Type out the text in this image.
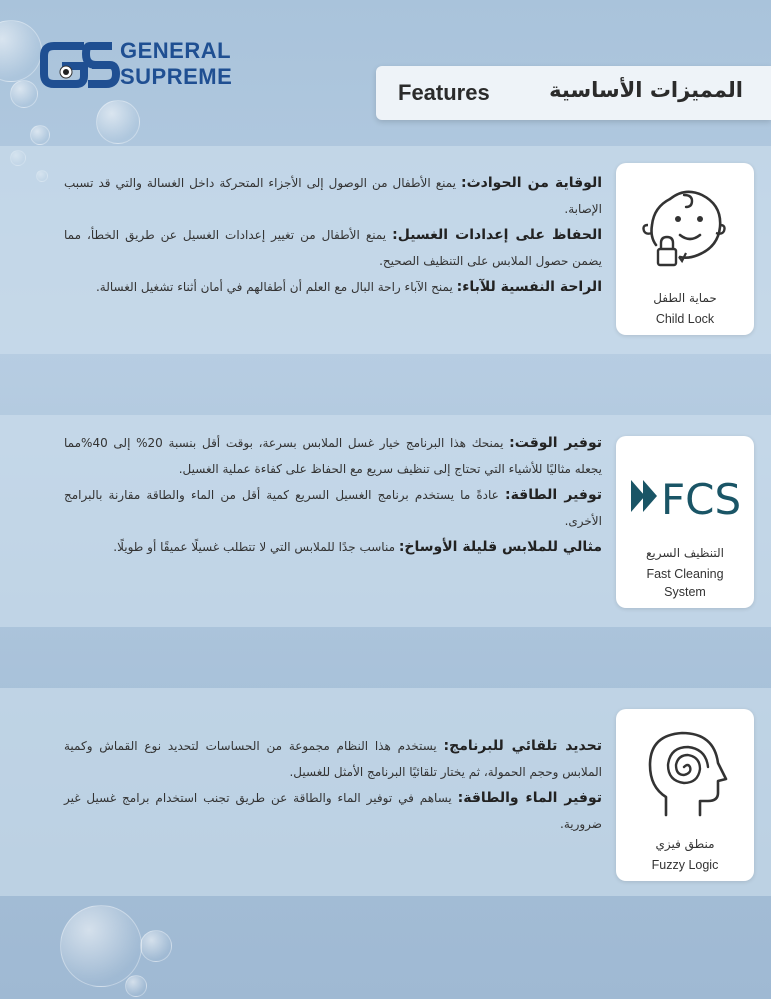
GENERAL
SUPREME
Features	المميزات الأساسية

الوقاية من الحوادث: يمنع الأطفال من الوصول إلى الأجزاء المتحركة داخل الغسالة والتي قد تسبب الإصابة.

الحفاظ على إعدادات الغسيل: يمنع الأطفال من تغيير إعدادات الغسيل عن طريق الخطأ، مما يضمن حصول الملابس على التنظيف الصحيح.

الراحة النفسية للآباء: يمنح الآباء راحة البال مع العلم أن أطفالهم في أمان أثناء تشغيل الغسالة.

حماية الطفل
Child Lock

توفير الوقت: يمنحك هذا البرنامج خيار غسل الملابس بسرعة، بوقت أقل بنسبة 20% إلى 40%مما يجعله مثاليًا للأشياء التي تحتاج إلى تنظيف سريع مع الحفاظ على كفاءة عملية الغسيل.

توفير الطاقة: عادةً ما يستخدم برنامج الغسيل السريع كمية أقل من الماء والطاقة مقارنة بالبرامج الأخرى.

مثالي للملابس قليلة الأوساخ: مناسب جدًا للملابس التي لا تتطلب غسيلًا عميقًا أو طويلًا.

FCS
التنظيف السريع
Fast Cleaning
System

تحديد تلقائي للبرنامج: يستخدم هذا النظام مجموعة من الحساسات لتحديد نوع القماش وكمية الملابس وحجم الحمولة، ثم يختار تلقائيًا البرنامج الأمثل للغسيل.

توفير الماء والطاقة: يساهم في توفير الماء والطاقة عن طريق تجنب استخدام برامج غسيل غير ضرورية.

منطق فيزي
Fuzzy Logic
